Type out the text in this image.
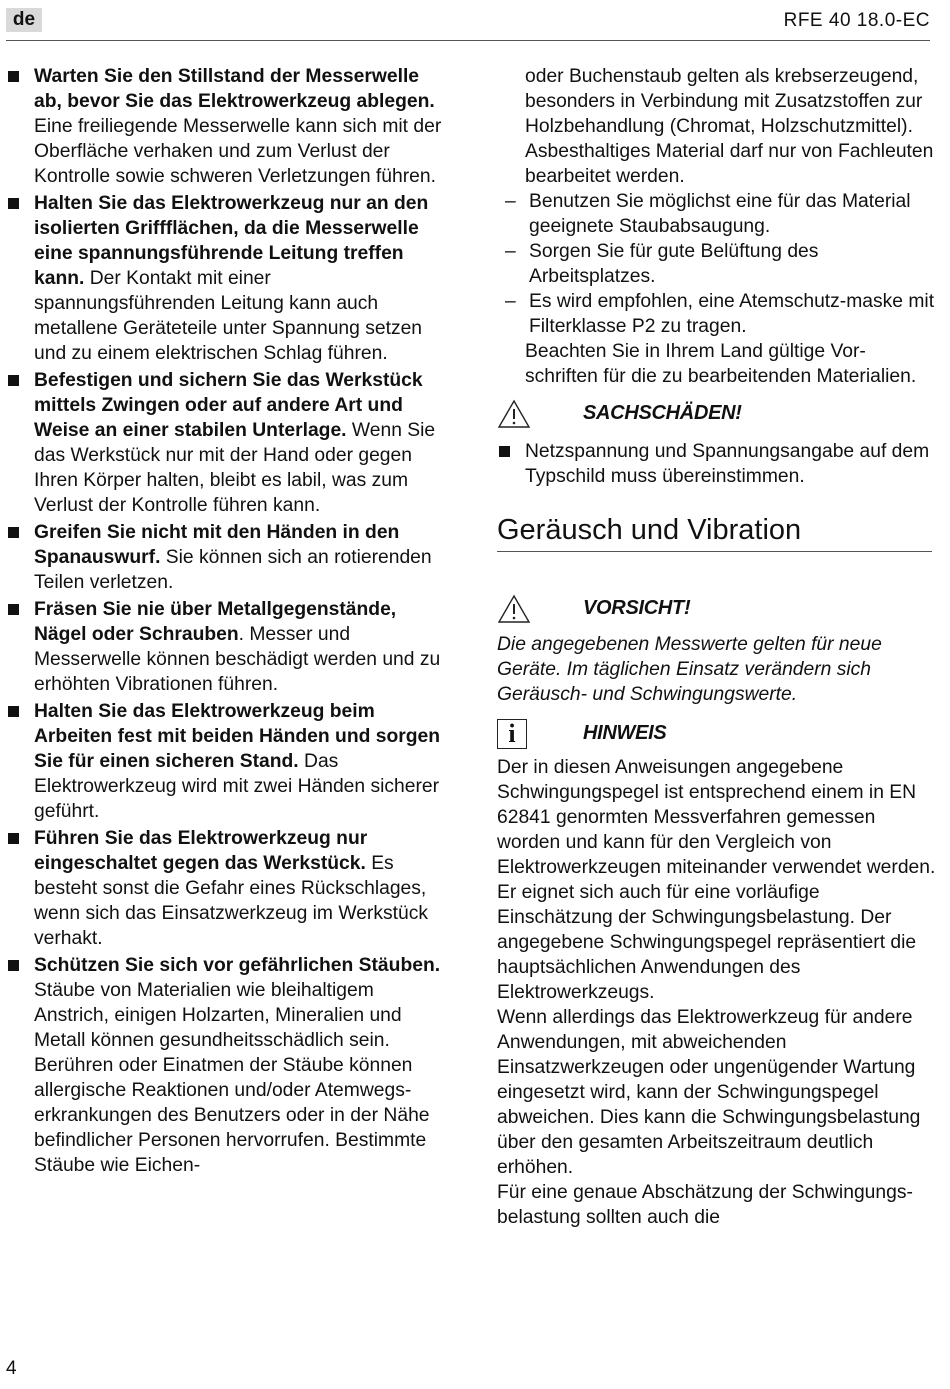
de	RFE 40 18.0-EC
Warten Sie den Stillstand der Messerwelle ab, bevor Sie das Elektrowerkzeug ablegen. Eine freiliegende Messerwelle kann sich mit der Oberfläche verhaken und zum Verlust der Kontrolle sowie schweren Verletzungen führen.
Halten Sie das Elektrowerkzeug nur an den isolierten Griffflächen, da die Messerwelle eine spannungsführende Leitung treffen kann. Der Kontakt mit einer spannungsführenden Leitung kann auch metallene Geräteteile unter Spannung setzen und zu einem elektrischen Schlag führen.
Befestigen und sichern Sie das Werkstück mittels Zwingen oder auf andere Art und Weise an einer stabilen Unterlage. Wenn Sie das Werkstück nur mit der Hand oder gegen Ihren Körper halten, bleibt es labil, was zum Verlust der Kontrolle führen kann.
Greifen Sie nicht mit den Händen in den Spanauswurf. Sie können sich an rotierenden Teilen verletzen.
Fräsen Sie nie über Metallgegenstände, Nägel oder Schrauben. Messer und Messerwelle können beschädigt werden und zu erhöhten Vibrationen führen.
Halten Sie das Elektrowerkzeug beim Arbeiten fest mit beiden Händen und sorgen Sie für einen sicheren Stand. Das Elektrowerkzeug wird mit zwei Händen sicherer geführt.
Führen Sie das Elektrowerkzeug nur eingeschaltet gegen das Werkstück. Es besteht sonst die Gefahr eines Rückschlages, wenn sich das Einsatzwerkzeug im Werkstück verhakt.
Schützen Sie sich vor gefährlichen Stäuben. Stäube von Materialien wie bleihaltigem Anstrich, einigen Holzarten, Mineralien und Metall können gesundheitsschädlich sein. Berühren oder Einatmen der Stäube können allergische Reaktionen und/oder Atemwegs-erkrankungen des Benutzers oder in der Nähe befindlicher Personen hervorrufen. Bestimmte Stäube wie Eichen-

oder Buchenstaub gelten als krebserzeugend, besonders in Verbindung mit Zusatzstoffen zur Holzbehandlung (Chromat, Holzschutzmittel). Asbesthaltiges Material darf nur von Fachleuten bearbeitet werden.

– Benutzen Sie möglichst eine für das Material geeignete Staubabsaugung.
– Sorgen Sie für gute Belüftung des Arbeitsplatzes.
– Es wird empfohlen, eine Atemschutz-maske mit Filterklasse P2 zu tragen.

Beachten Sie in Ihrem Land gültige Vor-schriften für die zu bearbeitenden Materialien.

SACHSCHÄDEN!
Netzspannung und Spannungsangabe auf dem Typschild muss übereinstimmen.
Geräusch und Vibration
VORSICHT!

Die angegebenen Messwerte gelten für neue Geräte. Im täglichen Einsatz verändern sich Geräusch- und Schwingungswerte.

i	HINWEIS

Der in diesen Anweisungen angegebene Schwingungspegel ist entsprechend einem in EN 62841 genormten Messverfahren gemessen worden und kann für den Vergleich von Elektrowerkzeugen miteinander verwendet werden. Er eignet sich auch für eine vorläufige Einschätzung der Schwingungsbelastung. Der angegebene Schwingungspegel repräsentiert die hauptsächlichen Anwendungen des Elektrowerkzeugs.

Wenn allerdings das Elektrowerkzeug für andere Anwendungen, mit abweichenden Einsatzwerkzeugen oder ungenügender Wartung eingesetzt wird, kann der Schwingungspegel abweichen. Dies kann die Schwingungsbelastung über den gesamten Arbeitszeitraum deutlich erhöhen.

Für eine genaue Abschätzung der Schwingungs-belastung sollten auch die

4
